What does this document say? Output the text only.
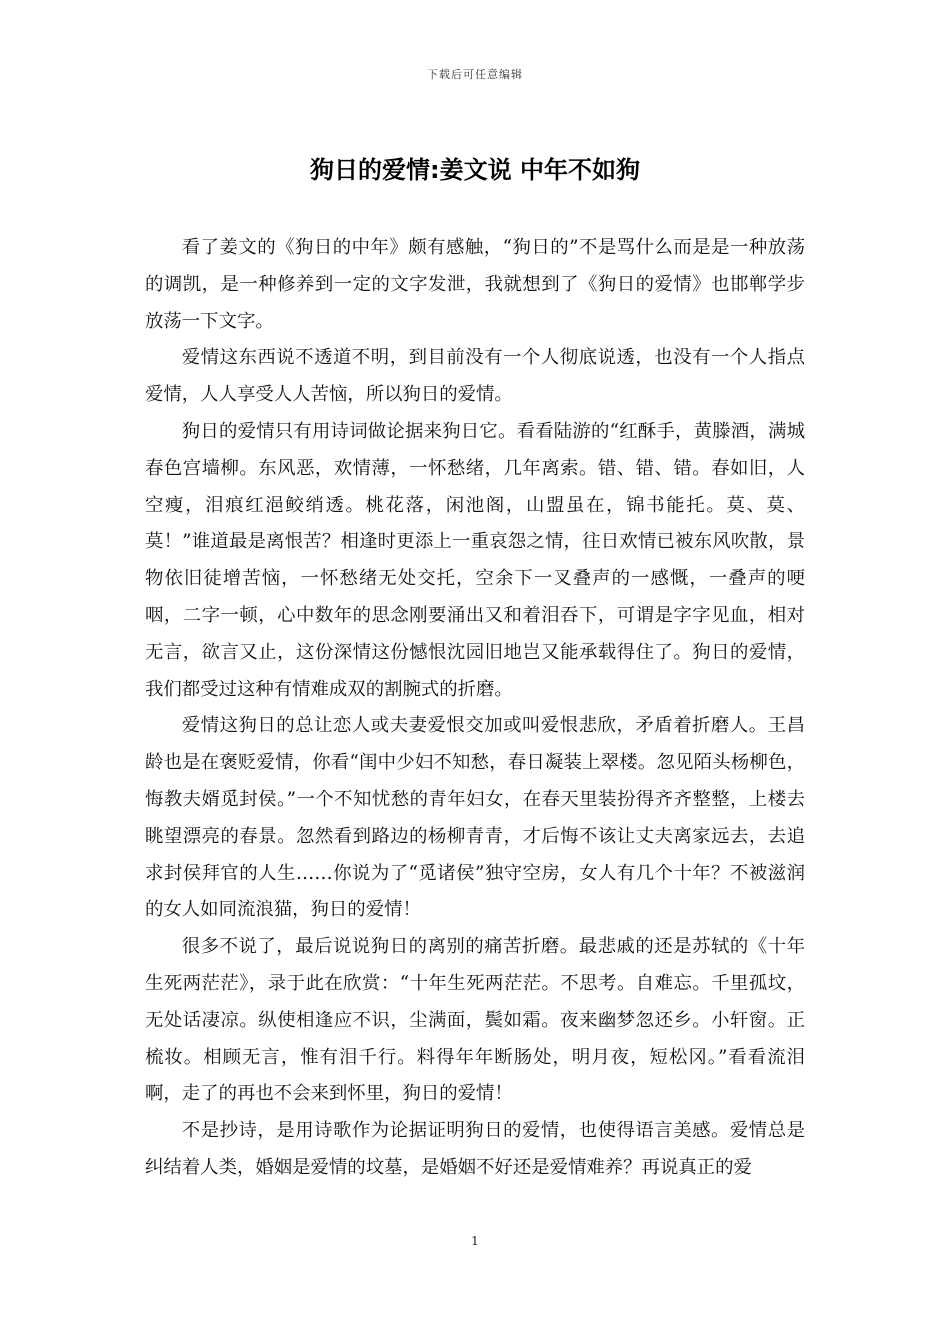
下载后可任意编辑
狗日的爱情:姜文说 中年不如狗

看了姜文的《狗日的中年》颇有感触，“狗日的”不是骂什么而是是一种放荡的调凯，是一种修养到一定的文字发泄，我就想到了《狗日的爱情》也邯郸学步放荡一下文字。

爱情这东西说不透道不明，到目前没有一个人彻底说透，也没有一个人指点爱情，人人享受人人苦恼，所以狗日的爱情。

狗日的爱情只有用诗词做论据来狗日它。看看陆游的“红酥手，黄滕酒，满城春色宫墙柳。东风恶，欢情薄，一怀愁绪，几年离索。错、错、错。春如旧，人空瘦，泪痕红浥鲛绡透。桃花落，闲池阁，山盟虽在，锦书能托。莫、莫、莫！”谁道最是离恨苦？相逢时更添上一重哀怨之情，往日欢情已被东风吹散，景物依旧徒增苦恼，一怀愁绪无处交托，空余下一叉叠声的一感慨，一叠声的哽咽，二字一顿，心中数年的思念刚要涌出又和着泪吞下，可谓是字字见血，相对无言，欲言又止，这份深情这份憾恨沈园旧地岂又能承载得住了。狗日的爱情，我们都受过这种有情难成双的割腕式的折磨。

爱情这狗日的总让恋人或夫妻爱恨交加或叫爱恨悲欣，矛盾着折磨人。王昌龄也是在褒贬爱情，你看“闺中少妇不知愁，春日凝装上翠楼。忽见陌头杨柳色，悔教夫婿觅封侯。”一个不知忧愁的青年妇女，在春天里装扮得齐齐整整，上楼去眺望漂亮的春景。忽然看到路边的杨柳青青，才后悔不该让丈夫离家远去，去追求封侯拜官的人生……你说为了“觅诸侯”独守空房，女人有几个十年？不被滋润的女人如同流浪猫，狗日的爱情！

很多不说了，最后说说狗日的离别的痛苦折磨。最悲戚的还是苏轼的《十年生死两茫茫》，录于此在欣赏：“十年生死两茫茫。不思考。自难忘。千里孤坟，无处话凄凉。纵使相逢应不识，尘满面，鬓如霜。夜来幽梦忽还乡。小轩窗。正梳妆。相顾无言，惟有泪千行。料得年年断肠处，明月夜，短松冈。”看看流泪啊，走了的再也不会来到怀里，狗日的爱情！

不是抄诗，是用诗歌作为论据证明狗日的爱情，也使得语言美感。爱情总是纠结着人类，婚姻是爱情的坟墓，是婚姻不好还是爱情难养？再说真正的爱

1
